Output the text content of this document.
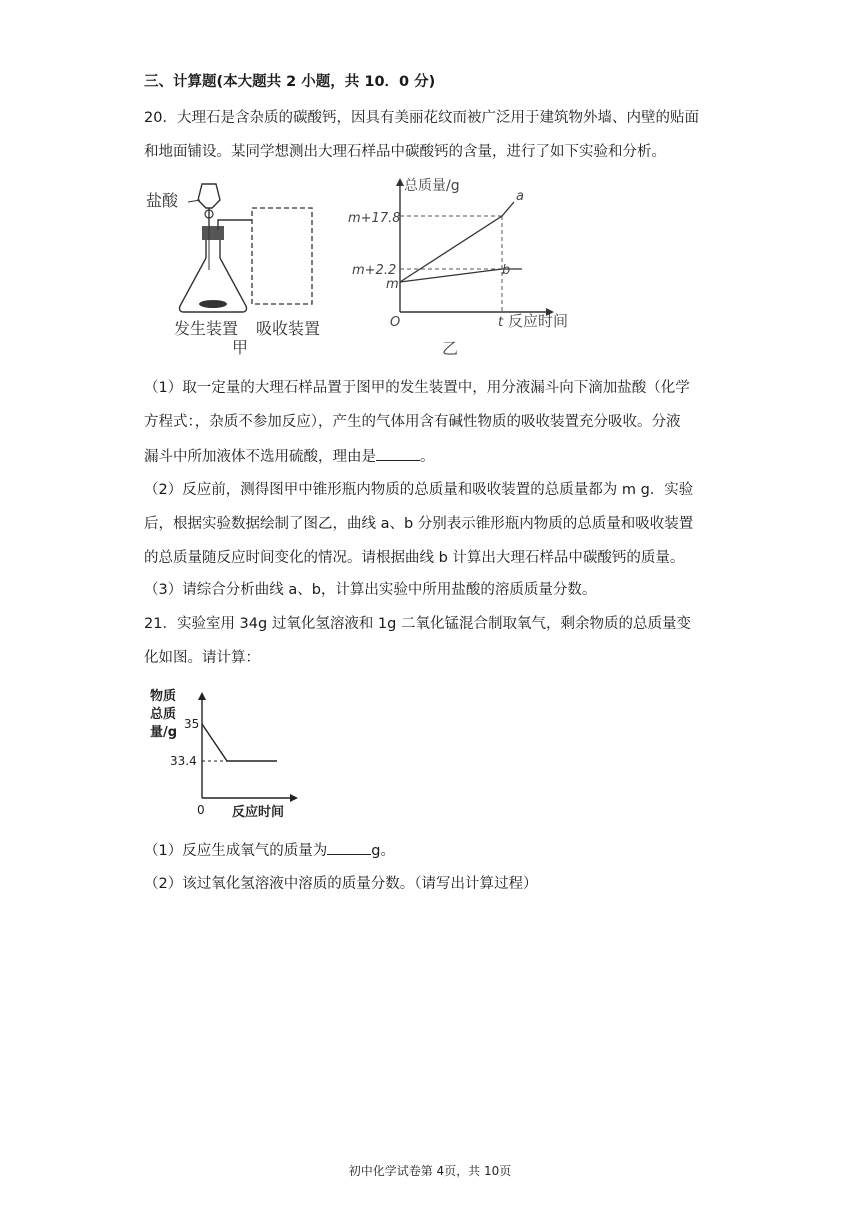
三、计算题(本大题共 2 小题，共 10．0 分)
20．大理石是含杂质的碳酸钙，因具有美丽花纹而被广泛用于建筑物外墙、内壁的贴面
和地面铺设。某同学想测出大理石样品中碳酸钙的含量，进行了如下实验和分析。
盐酸
发生装置 吸收装置
甲
总质量/g
m+17.8
m+2.2
m
a
b
O	t 反应时间
乙
（1）取一定量的大理石样品置于图甲的发生装置中，用分液漏斗向下滴加盐酸（化学
方程式：，杂质不参加反应），产生的气体用含有碱性物质的吸收装置充分吸收。分液
漏斗中所加液体不选用硫酸，理由是	。
（2）反应前，测得图甲中锥形瓶内物质的总质量和吸收装置的总质量都为 m g．实验
后，根据实验数据绘制了图乙，曲线 a、b 分别表示锥形瓶内物质的总质量和吸收装置
的总质量随反应时间变化的情况。请根据曲线 b 计算出大理石样品中碳酸钙的质量。
（3）请综合分析曲线 a、b，计算出实验中所用盐酸的溶质质量分数。
21．实验室用 34g 过氧化氢溶液和 1g 二氧化锰混合制取氧气，剩余物质的总质量变
化如图。请计算：
物质
总质
量/g
0 反应时间
35
33.4
（1）反应生成氧气的质量为	g。
（2）该过氧化氢溶液中溶质的质量分数。（请写出计算过程）
初中化学试卷第 4页，共 10页
